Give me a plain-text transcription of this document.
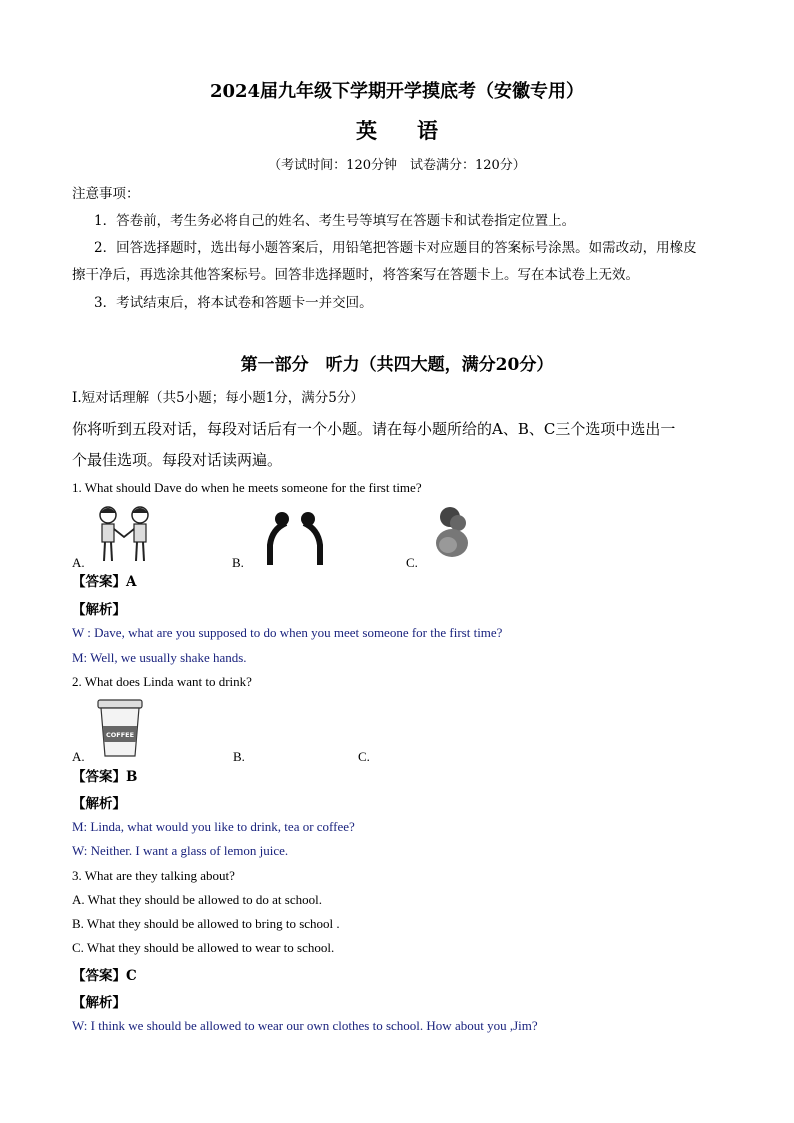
2024届九年级下学期开学摸底考（安徽专用）
英语
（考试时间：120分钟　试卷满分：120分）
注意事项：
1．答卷前，考生务必将自己的姓名、考生号等填写在答题卡和试卷指定位置上。
2．回答选择题时，选出每小题答案后，用铅笔把答题卡对应题目的答案标号涂黑。如需改动，用橡皮
擦干净后，再选涂其他答案标号。回答非选择题时，将答案写在答题卡上。写在本试卷上无效。
3．考试结束后，将本试卷和答题卡一并交回。
第一部分　听力（共四大题，满分20分）
Ⅰ.短对话理解（共5小题；每小题1分，满分5分）
你将听到五段对话，每段对话后有一个小题。请在每小题所给的A、B、C三个选项中选出一
个最佳选项。每段对话读两遍。
1. What should Dave do when he meets someone for the first time?
A.	B.	C.
【答案】A
【解析】
W : Dave, what are you supposed to do when you meet someone for the first time?
M: Well, we usually shake hands.
2. What does Linda want to drink?
COFFEE
A.	B.	C.
【答案】B
【解析】
M: Linda, what would you like to drink, tea or coffee?
W: Neither. I want a glass of lemon juice.
3. What are they talking about?
A. What they should be allowed to do at school.
B. What they should be allowed to bring to school .
C. What they should be allowed to wear to school.
【答案】C
【解析】
W: I think we should be allowed to wear our own clothes to school. How about you ,Jim?
